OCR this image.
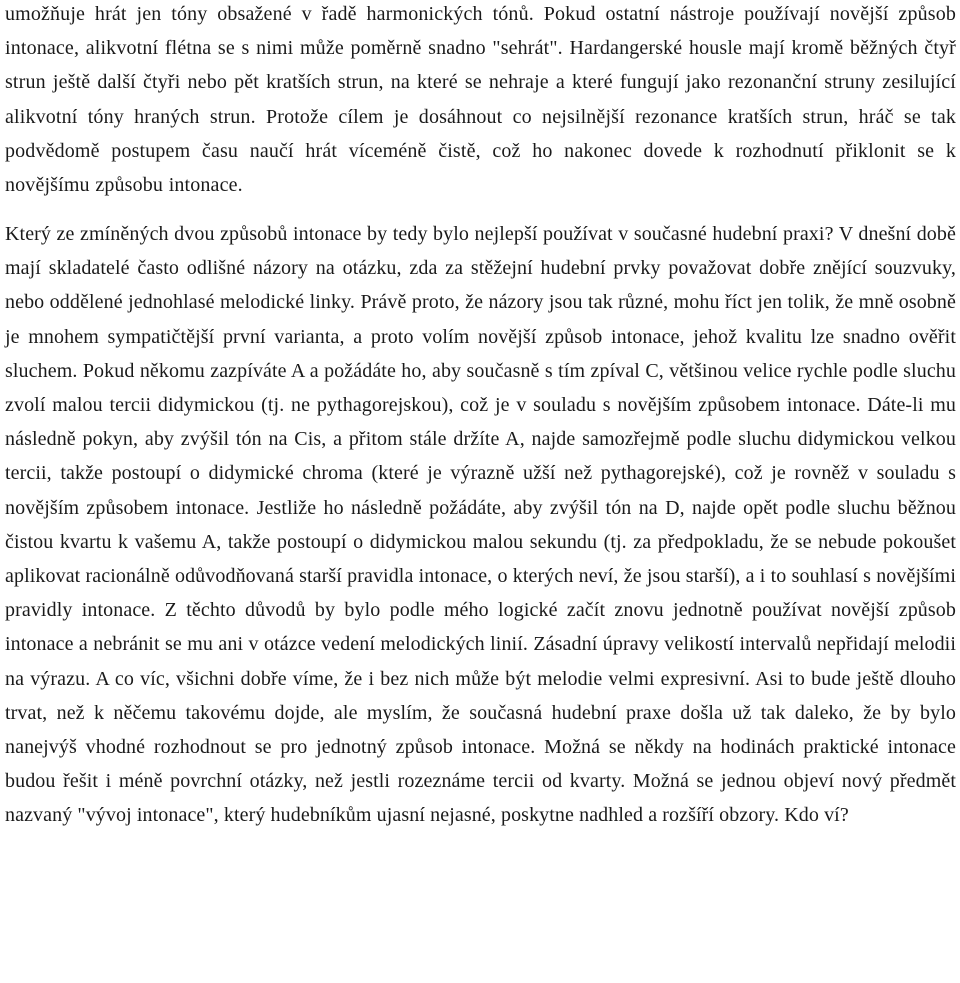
umožňuje hrát jen tóny obsažené v řadě harmonických tónů. Pokud ostatní nástroje používají novější způsob intonace, alikvotní flétna se s nimi může poměrně snadno "sehrát". Hardangerské housle mají kromě běžných čtyř strun ještě další čtyři nebo pět kratších strun, na které se nehraje a které fungují jako rezonanční struny zesilující alikvotní tóny hraných strun. Protože cílem je dosáhnout co nejsilnější rezonance kratších strun, hráč se tak podvědomě postupem času naučí hrát víceméně čistě, což ho nakonec dovede k rozhodnutí přiklonit se k novějšímu způsobu intonace.

Který ze zmíněných dvou způsobů intonace by tedy bylo nejlepší používat v současné hudební praxi? V dnešní době mají skladatelé často odlišné názory na otázku, zda za stěžejní hudební prvky považovat dobře znějící souzvuky, nebo oddělené jednohlasé melodické linky. Právě proto, že názory jsou tak různé, mohu říct jen tolik, že mně osobně je mnohem sympatičtější první varianta, a proto volím novější způsob intonace, jehož kvalitu lze snadno ověřit sluchem. Pokud někomu zazpíváte A a požádáte ho, aby současně s tím zpíval C, většinou velice rychle podle sluchu zvolí malou tercii didymickou (tj. ne pythagorejskou), což je v souladu s novějším způsobem intonace. Dáte-li mu následně pokyn, aby zvýšil tón na Cis, a přitom stále držíte A, najde samozřejmě podle sluchu didymickou velkou tercii, takže postoupí o didymické chroma (které je výrazně užší než pythagorejské), což je rovněž v souladu s novějším způsobem intonace. Jestliže ho následně požádáte, aby zvýšil tón na D, najde opět podle sluchu běžnou čistou kvartu k vašemu A, takže postoupí o didymickou malou sekundu (tj. za předpokladu, že se nebude pokoušet aplikovat racionálně odůvodňovaná starší pravidla intonace, o kterých neví, že jsou starší), a i to souhlasí s novějšími pravidly intonace. Z těchto důvodů by bylo podle mého logické začít znovu jednotně používat novější způsob intonace a nebránit se mu ani v otázce vedení melodických linií. Zásadní úpravy velikostí intervalů nepřidají melodii na výrazu. A co víc, všichni dobře víme, že i bez nich může být melodie velmi expresivní. Asi to bude ještě dlouho trvat, než k něčemu takovému dojde, ale myslím, že současná hudební praxe došla už tak daleko, že by bylo nanejvýš vhodné rozhodnout se pro jednotný způsob intonace. Možná se někdy na hodinách praktické intonace budou řešit i méně povrchní otázky, než jestli rozeznáme tercii od kvarty. Možná se jednou objeví nový předmět nazvaný "vývoj intonace", který hudebníkům ujasní nejasné, poskytne nadhled a rozšíří obzory. Kdo ví?
